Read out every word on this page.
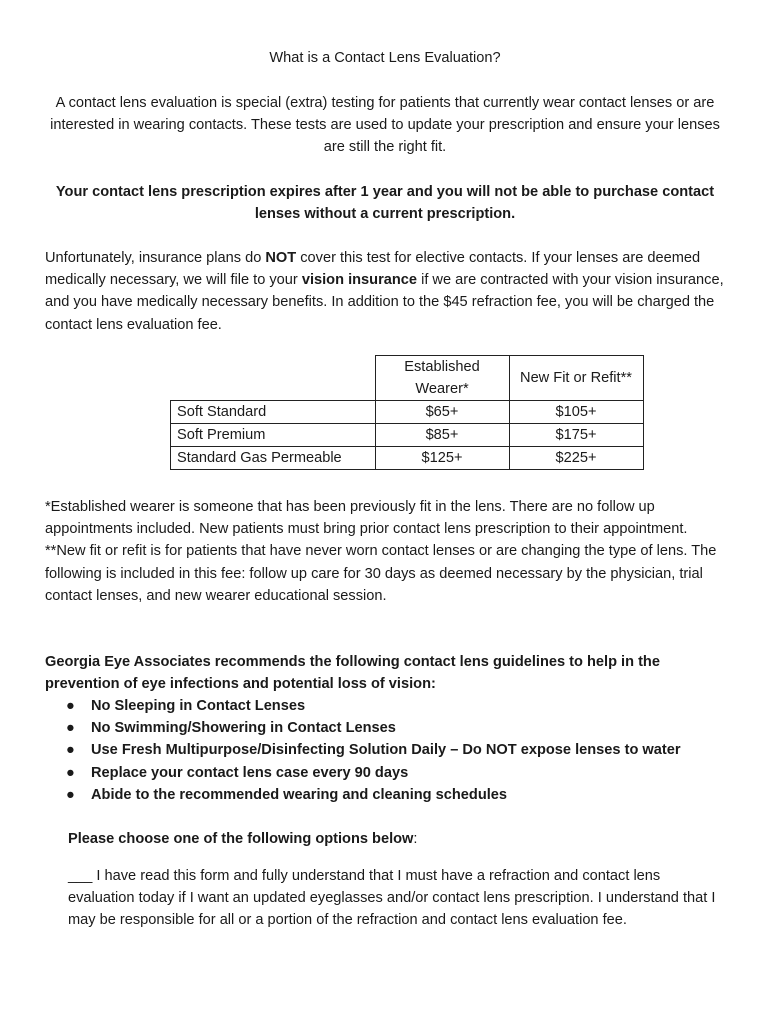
What is a Contact Lens Evaluation?
A contact lens evaluation is special (extra) testing for patients that currently wear contact lenses or are interested in wearing contacts. These tests are used to update your prescription and ensure your lenses are still the right fit.
Your contact lens prescription expires after 1 year and you will not be able to purchase contact lenses without a current prescription.
Unfortunately, insurance plans do NOT cover this test for elective contacts. If your lenses are deemed medically necessary, we will file to your vision insurance if we are contracted with your vision insurance, and you have medically necessary benefits. In addition to the $45 refraction fee, you will be charged the contact lens evaluation fee.
	Established Wearer*	New Fit or Refit**
Soft Standard	$65+	$105+
Soft Premium	$85+	$175+
Standard Gas Permeable	$125+	$225+
*Established wearer is someone that has been previously fit in the lens. There are no follow up appointments included. New patients must bring prior contact lens prescription to their appointment.
**New fit or refit is for patients that have never worn contact lenses or are changing the type of lens. The following is included in this fee: follow up care for 30 days as deemed necessary by the physician, trial contact lenses, and new wearer educational session.
Georgia Eye Associates recommends the following contact lens guidelines to help in the prevention of eye infections and potential loss of vision:
● No Sleeping in Contact Lenses
● No Swimming/Showering in Contact Lenses
● Use Fresh Multipurpose/Disinfecting Solution Daily – Do NOT expose lenses to water
● Replace your contact lens case every 90 days
● Abide to the recommended wearing and cleaning schedules
Please choose one of the following options below:
___ I have read this form and fully understand that I must have a refraction and contact lens evaluation today if I want an updated eyeglasses and/or contact lens prescription. I understand that I may be responsible for all or a portion of the refraction and contact lens evaluation fee.
